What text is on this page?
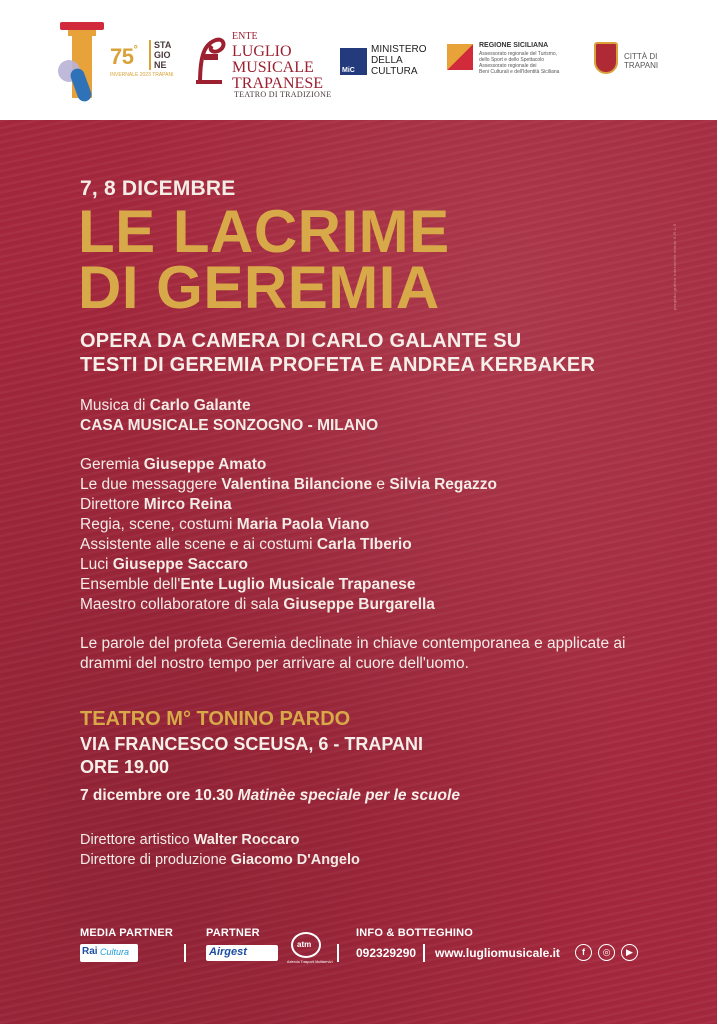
75°	STA GIO NE
INVERNALE 2023 TRAPANI
ENTE
LUGLIO
MUSICALE
TRAPANESE
TEATRO DI TRADIZIONE
MiC
MINISTERO
DELLA
CULTURA
REGIONE SICILIANA
Assessorato regionale del Turismo,
dello Sport e dello Spettacolo
Assessorato regionale dei
Beni Culturali e dell'Identità Siciliana
CITTÀ DI
TRAPANI
progetto grafico Interactive minds S.R.L.S
7, 8 DICEMBRE
LE LACRIME
DI GEREMIA
OPERA DA CAMERA DI CARLO GALANTE SU
TESTI DI GEREMIA PROFETA E ANDREA KERBAKER
Musica di Carlo Galante
CASA MUSICALE SONZOGNO - MILANO
Geremia Giuseppe Amato
Le due messaggere Valentina Bilancione e Silvia Regazzo
Direttore Mirco Reina
Regia, scene, costumi Maria Paola Viano
Assistente alle scene e ai costumi Carla TIberio
Luci Giuseppe Saccaro
Ensemble dell'Ente Luglio Musicale Trapanese
Maestro collaboratore di sala Giuseppe Burgarella
Le parole del profeta Geremia declinate in chiave contemporanea e applicate ai drammi del nostro tempo per arrivare al cuore dell'uomo.
TEATRO M° TONINO PARDO
VIA FRANCESCO SCEUSA, 6 - TRAPANI
ORE 19.00
7 dicembre ore 10.30 Matinèe speciale per le scuole
Direttore artistico Walter Roccaro
Direttore di produzione Giacomo D'Angelo
MEDIA PARTNER	PARTNER	INFO & BOTTEGHINO
Rai Cultura	Airgest
atm
Azienda Trasporti Multiservizi
092329290 www.lugliomusicale.it	f	◎	▶
